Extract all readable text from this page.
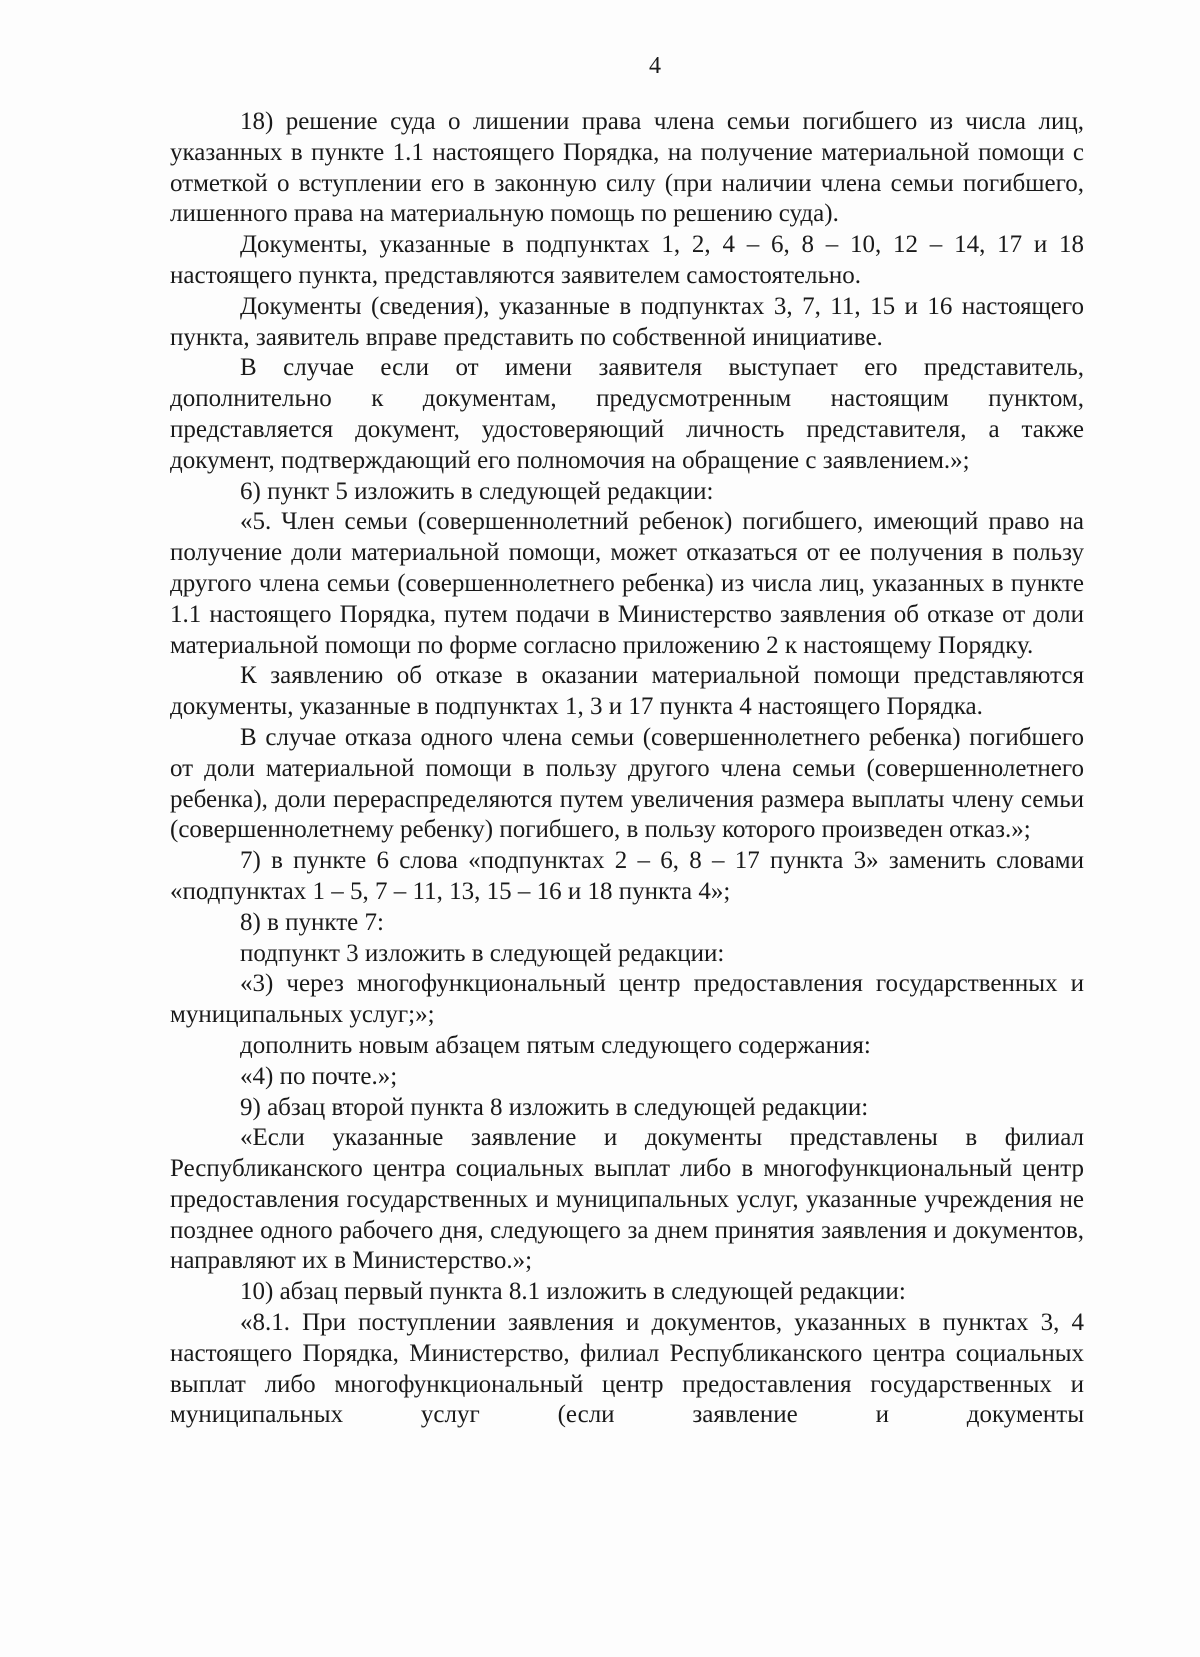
4

18) решение суда о лишении права члена семьи погибшего из числа лиц, указанных в пункте 1.1 настоящего Порядка, на получение материальной помощи с отметкой о вступлении его в законную силу (при наличии члена семьи погибшего, лишенного права на материальную помощь по решению суда).

Документы, указанные в подпунктах 1, 2, 4 – 6, 8 – 10, 12 – 14, 17 и 18 настоящего пункта, представляются заявителем самостоятельно.

Документы (сведения), указанные в подпунктах 3, 7, 11, 15 и 16 настоящего пункта, заявитель вправе представить по собственной инициативе.

В случае если от имени заявителя выступает его представитель, дополнительно к документам, предусмотренным настоящим пунктом, представляется документ, удостоверяющий личность представителя, а также документ, подтверждающий его полномочия на обращение с заявлением.»;

6) пункт 5 изложить в следующей редакции:

«5. Член семьи (совершеннолетний ребенок) погибшего, имеющий право на получение доли материальной помощи, может отказаться от ее получения в пользу другого члена семьи (совершеннолетнего ребенка) из числа лиц, указанных в пункте 1.1 настоящего Порядка, путем подачи в Министерство заявления об отказе от доли материальной помощи по форме согласно приложению 2 к настоящему Порядку.

К заявлению об отказе в оказании материальной помощи представляются документы, указанные в подпунктах 1, 3 и 17 пункта 4 настоящего Порядка.

В случае отказа одного члена семьи (совершеннолетнего ребенка) погибшего от доли материальной помощи в пользу другого члена семьи (совершеннолетнего ребенка), доли перераспределяются путем увеличения размера выплаты члену семьи (совершеннолетнему ребенку) погибшего, в пользу которого произведен отказ.»;

7) в пункте 6 слова «подпунктах 2 – 6, 8 – 17 пункта 3» заменить словами «подпунктах 1 – 5, 7 – 11, 13, 15 – 16 и 18 пункта 4»;

8) в пункте 7:

подпункт 3 изложить в следующей редакции:

«3) через многофункциональный центр предоставления государственных и муниципальных услуг;»;

дополнить новым абзацем пятым следующего содержания:

«4) по почте.»;

9) абзац второй пункта 8 изложить в следующей редакции:

«Если указанные заявление и документы представлены в филиал Республиканского центра социальных выплат либо в многофункциональный центр предоставления государственных и муниципальных услуг, указанные учреждения не позднее одного рабочего дня, следующего за днем принятия заявления и документов, направляют их в Министерство.»;

10) абзац первый пункта 8.1 изложить в следующей редакции:

«8.1. При поступлении заявления и документов, указанных в пунктах 3, 4 настоящего Порядка, Министерство, филиал Республиканского центра социальных выплат либо многофункциональный центр предоставления государственных и муниципальных услуг (если заявление и документы
